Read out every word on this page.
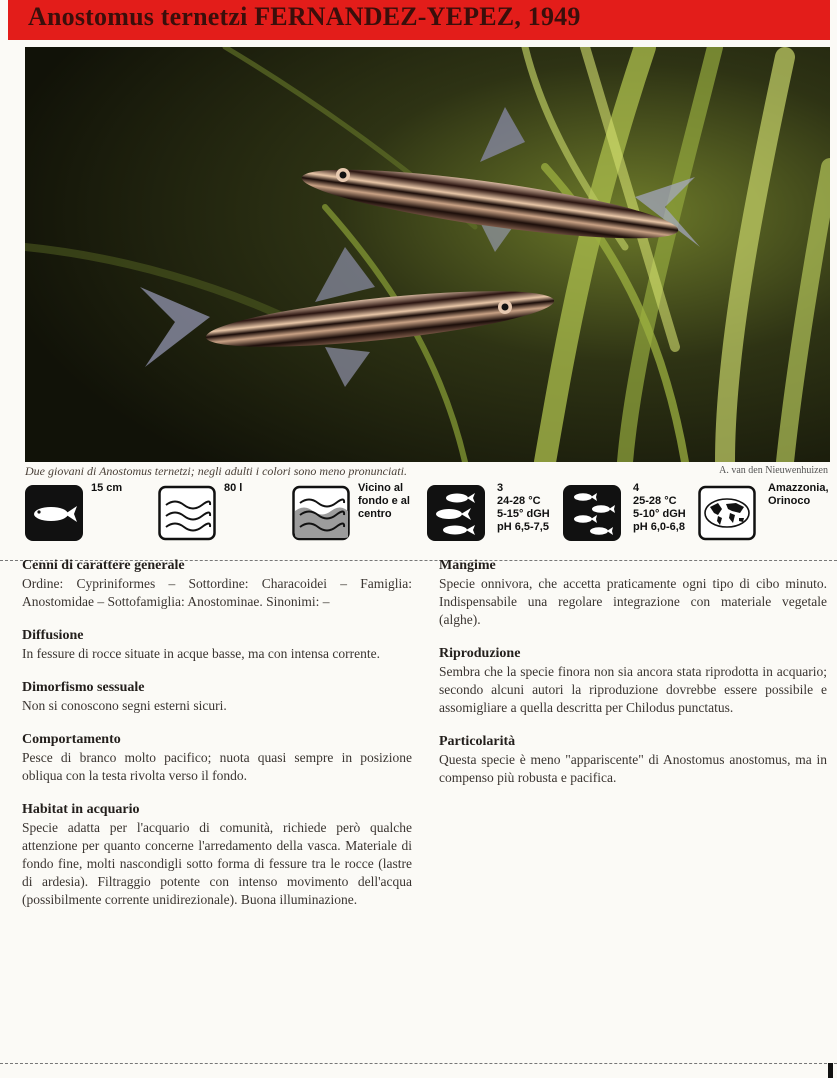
Anostomus ternetzi FERNANDEZ-YEPEZ, 1949
Due giovani di Anostomus ternetzi; negli adulti i colori sono meno pronunciati.	A. van den Nieuwenhuizen
15 cm	80 l	Vicino al
fondo e al
centro
3
24-28 °C
5-15° dGH
pH 6,5-7,5
4
25-28 °C
5-10° dGH
pH 6,0-6,8
Amazzonia,
Orinoco
Cenni di carattere generale

Ordine: Cypriniformes – Sottordine: Characoidei – Famiglia: Anostomidae – Sottofamiglia: Anostominae. Sinonimi: –

Diffusione

In fessure di rocce situate in acque basse, ma con intensa corrente.

Dimorfismo sessuale

Non si conoscono segni esterni sicuri.

Comportamento

Pesce di branco molto pacifico; nuota quasi sempre in posizione obliqua con la testa rivolta verso il fondo.

Habitat in acquario

Specie adatta per l'acquario di comunità, richiede però qualche attenzione per quanto concerne l'arredamento della vasca. Materiale di fondo fine, molti nascondigli sotto forma di fessure tra le rocce (lastre di ardesia). Filtraggio potente con intenso movimento dell'acqua (possibilmente corrente unidirezionale). Buona illuminazione.

Mangime

Specie onnivora, che accetta praticamente ogni tipo di cibo minuto. Indispensabile una regolare integrazione con materiale vegetale (alghe).

Riproduzione

Sembra che la specie finora non sia ancora stata riprodotta in acquario; secondo alcuni autori la riproduzione dovrebbe essere possibile e assomigliare a quella descritta per Chilodus punctatus.

Particolarità

Questa specie è meno "appariscente" di Anostomus anostomus, ma in compenso più robusta e pacifica.
